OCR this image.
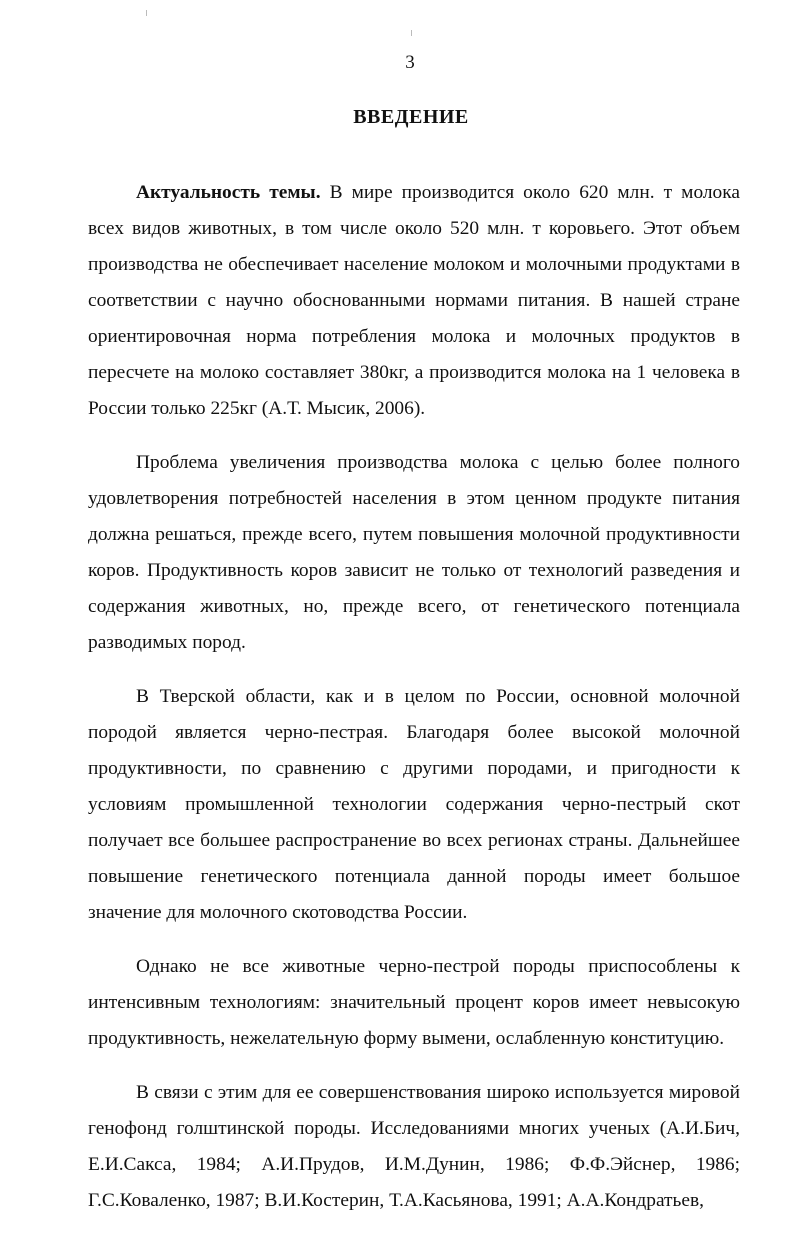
3
ВВЕДЕНИЕ

Актуальность темы. В мире производится около 620 млн. т молока всех видов животных, в том числе около 520 млн. т коровьего. Этот объем производства не обеспечивает население молоком и молочными продуктами в соответствии с научно обоснованными нормами питания. В нашей стране ориентировочная норма потребления молока и молочных продуктов в пересчете на молоко составляет 380кг, а производится молока на 1 человека в России только 225кг (А.Т. Мысик, 2006).

Проблема увеличения производства молока с целью более полного удовлетворения потребностей населения в этом ценном продукте питания должна решаться, прежде всего, путем повышения молочной продуктивности коров. Продуктивность коров зависит не только от технологий разведения и содержания животных, но, прежде всего, от генетического потенциала разводимых пород.

В Тверской области, как и в целом по России, основной молочной породой является черно-пестрая. Благодаря более высокой молочной продуктивности, по сравнению с другими породами, и пригодности к условиям промышленной технологии содержания черно-пестрый скот получает все большее распространение во всех регионах страны. Дальнейшее повышение генетического потенциала данной породы имеет большое значение для молочного скотоводства России.

Однако не все животные черно-пестрой породы приспособлены к интенсивным технологиям: значительный процент коров имеет невысокую продуктивность, нежелательную форму вымени, ослабленную конституцию.

В связи с этим для ее совершенствования широко используется мировой генофонд голштинской породы. Исследованиями многих ученых (А.И.Бич, Е.И.Сакса, 1984; А.И.Прудов, И.М.Дунин, 1986; Ф.Ф.Эйснер, 1986; Г.С.Коваленко, 1987; В.И.Костерин, Т.А.Касьянова, 1991; А.А.Кондратьев,
